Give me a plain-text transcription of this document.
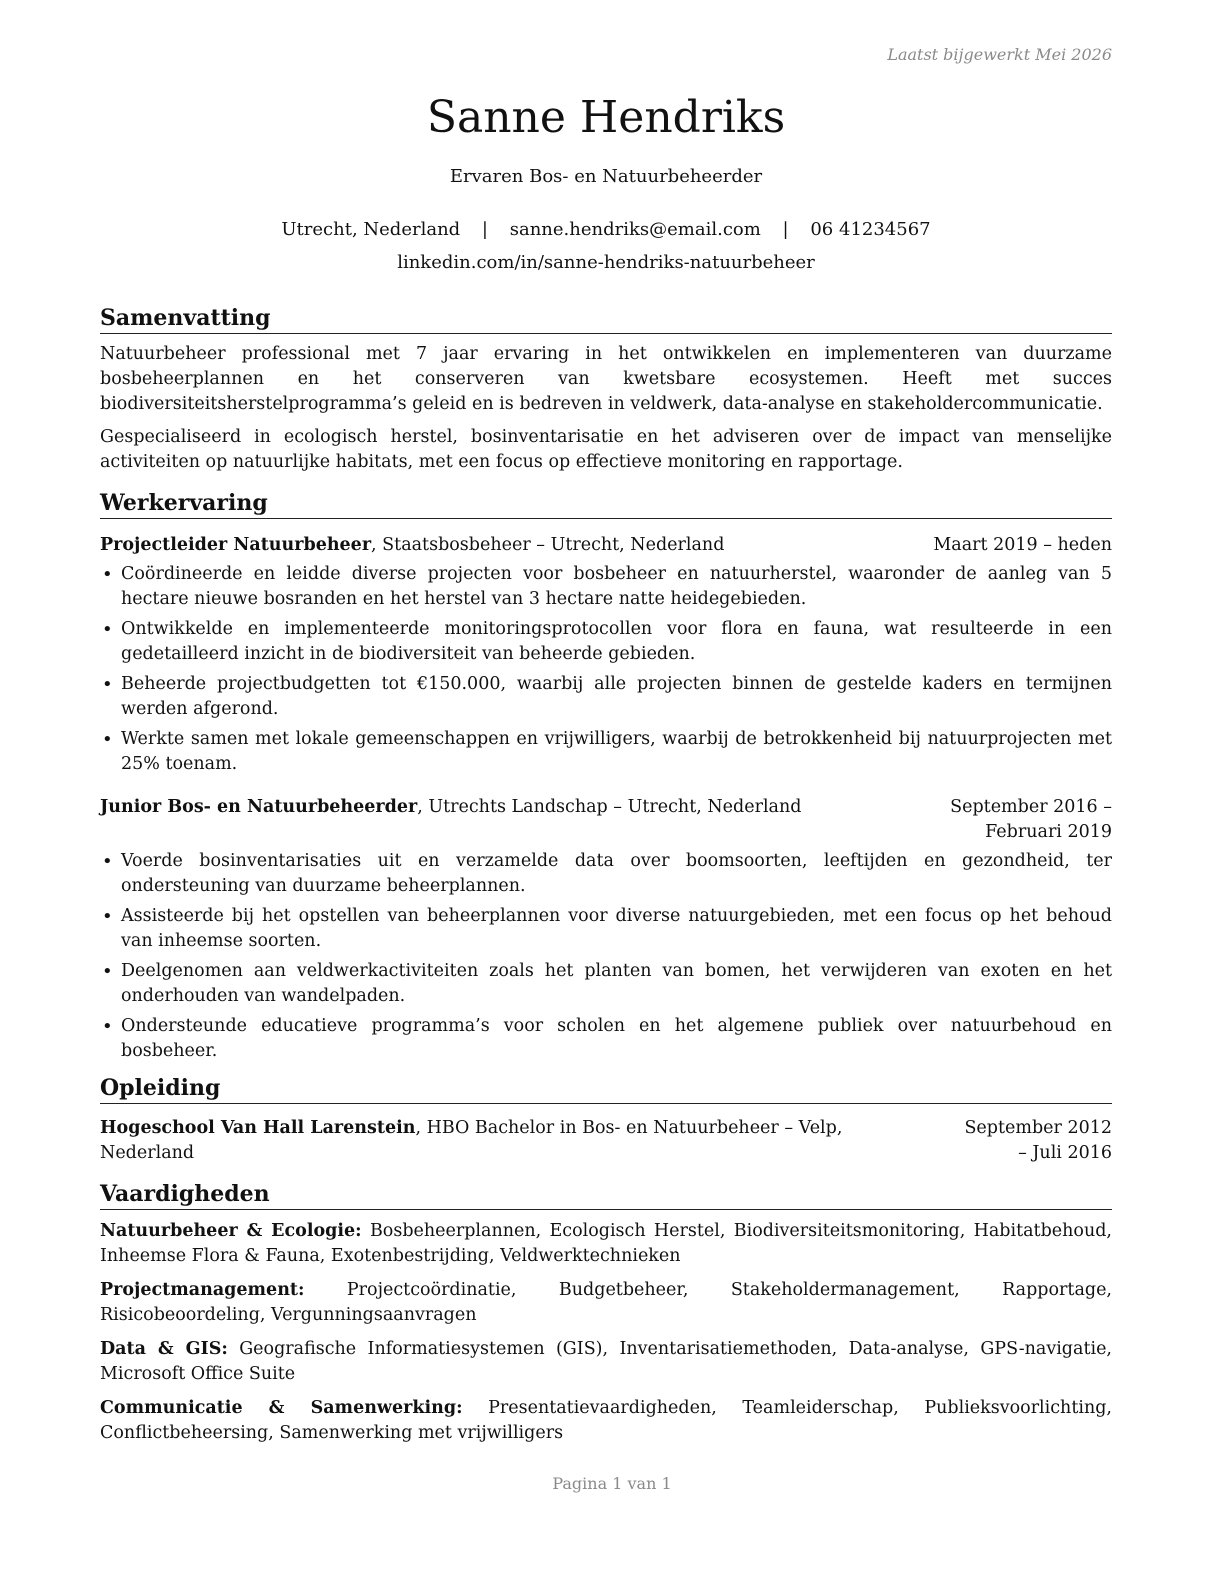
Laatst bijgewerkt Mei 2026
Sanne Hendriks
Ervaren Bos- en Natuurbeheerder
Utrecht, Nederland | sanne.hendriks@email.com | 06 41234567
linkedin.com/in/sanne-hendriks-natuurbeheer
Samenvatting

Natuurbeheer professional met 7 jaar ervaring in het ontwikkelen en implementeren van duurzame bosbeheerplannen en het conserveren van kwetsbare ecosystemen. Heeft met succes biodiversiteitsherstelprogramma’s geleid en is bedreven in veldwerk, data-analyse en stakeholdercommunicatie.

Gespecialiseerd in ecologisch herstel, bosinventarisatie en het adviseren over de impact van menselijke activiteiten op natuurlijke habitats, met een focus op effectieve monitoring en rapportage.

Werkervaring
Projectleider Natuurbeheer, Staatsbosbeheer – Utrecht, Nederland	Maart 2019 – heden
• Coördineerde en leidde diverse projecten voor bosbeheer en natuurherstel, waaronder de aanleg van 5 hectare nieuwe bosranden en het herstel van 3 hectare natte heidegebieden.
• Ontwikkelde en implementeerde monitoringsprotocollen voor flora en fauna, wat resulteerde in een gedetailleerd inzicht in de biodiversiteit van beheerde gebieden.
• Beheerde projectbudgetten tot €150.000, waarbij alle projecten binnen de gestelde kaders en termijnen werden afgerond.
• Werkte samen met lokale gemeenschappen en vrijwilligers, waarbij de betrokkenheid bij natuurprojecten met 25% toenam.
Junior Bos- en Natuurbeheerder, Utrechts Landschap – Utrecht, Nederland	September 2016 – Februari 2019
• Voerde bosinventarisaties uit en verzamelde data over boomsoorten, leeftijden en gezondheid, ter ondersteuning van duurzame beheerplannen.
• Assisteerde bij het opstellen van beheerplannen voor diverse natuurgebieden, met een focus op het behoud van inheemse soorten.
• Deelgenomen aan veldwerkactiviteiten zoals het planten van bomen, het verwijderen van exoten en het onderhouden van wandelpaden.
• Ondersteunde educatieve programma’s voor scholen en het algemene publiek over natuurbehoud en bosbeheer.
Opleiding
Hogeschool Van Hall Larenstein, HBO Bachelor in Bos- en Natuurbeheer – Velp, Nederland
September 2012 – Juli 2016
Vaardigheden
Natuurbeheer & Ecologie: Bosbeheerplannen, Ecologisch Herstel, Biodiversiteitsmonitoring, Habitatbehoud, Inheemse Flora & Fauna, Exotenbestrijding, Veldwerktechnieken
Projectmanagement: Projectcoördinatie, Budgetbeheer, Stakeholdermanagement, Rapportage, Risicobeoordeling, Vergunningsaanvragen
Data & GIS: Geografische Informatiesystemen (GIS), Inventarisatiemethoden, Data-analyse, GPS-navigatie, Microsoft Office Suite
Communicatie & Samenwerking: Presentatievaardigheden, Teamleiderschap, Publieksvoorlichting, Conflictbeheersing, Samenwerking met vrijwilligers
Pagina 1 van 1
